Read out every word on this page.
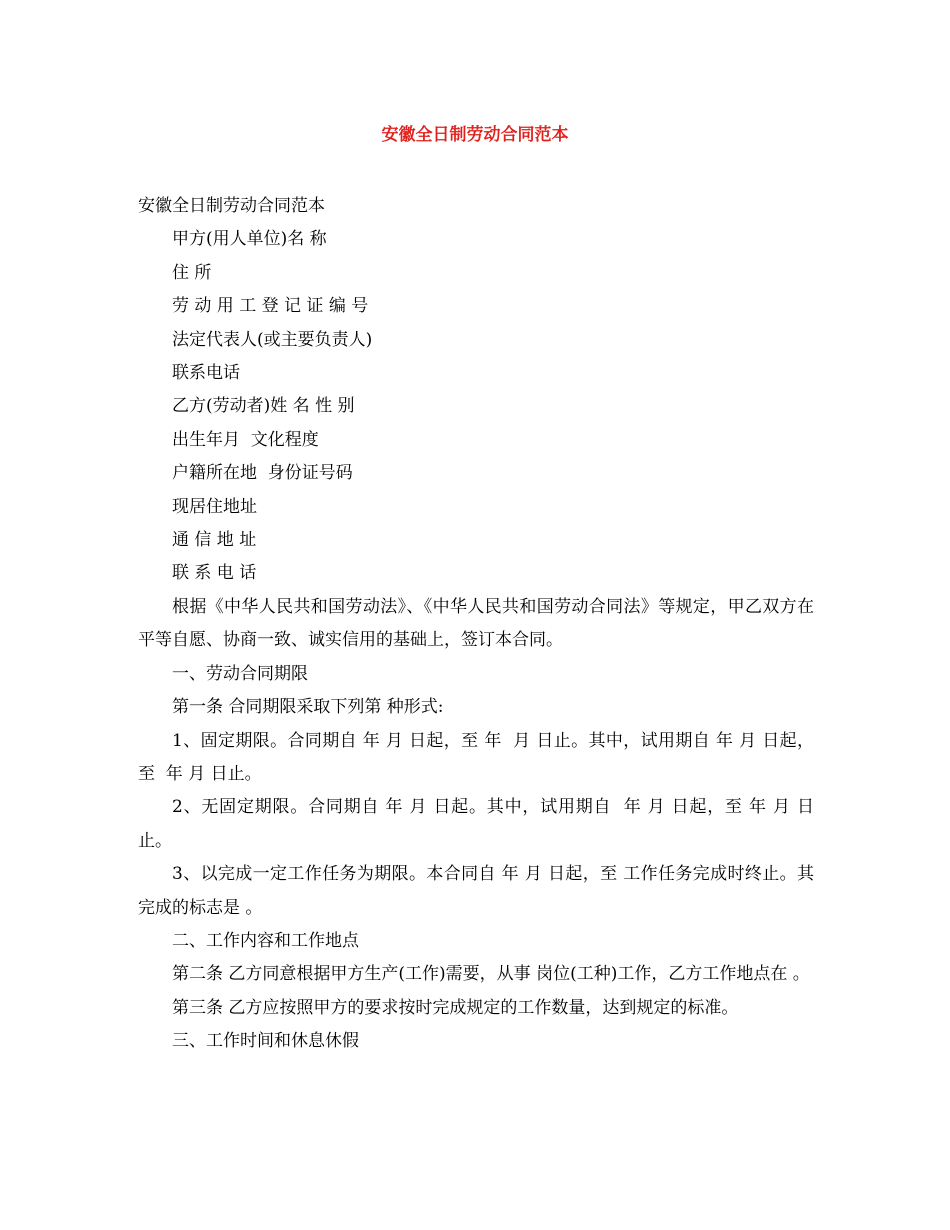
安徽全日制劳动合同范本

安徽全日制劳动合同范本

甲方(用人单位)名 称

住 所

劳 动 用 工 登 记 证 编 号

法定代表人(或主要负责人)

联系电话

乙方(劳动者)姓 名 性 别

出生年月  文化程度

户籍所在地  身份证号码

现居住地址

通 信 地 址

联 系 电 话

根据《中华人民共和国劳动法》、《中华人民共和国劳动合同法》等规定，甲乙双方在平等自愿、协商一致、诚实信用的基础上，签订本合同。

一、劳动合同期限

第一条 合同期限采取下列第 种形式:

1、固定期限。合同期自 年 月 日起，至 年  月 日止。其中，试用期自 年 月 日起，至  年 月 日止。

2、无固定期限。合同期自 年 月 日起。其中，试用期自  年 月 日起，至 年 月 日止。

3、以完成一定工作任务为期限。本合同自 年 月 日起，至 工作任务完成时终止。其完成的标志是 。

二、工作内容和工作地点

第二条 乙方同意根据甲方生产(工作)需要，从事 岗位(工种)工作，乙方工作地点在 。

第三条 乙方应按照甲方的要求按时完成规定的工作数量，达到规定的标准。

三、工作时间和休息休假
